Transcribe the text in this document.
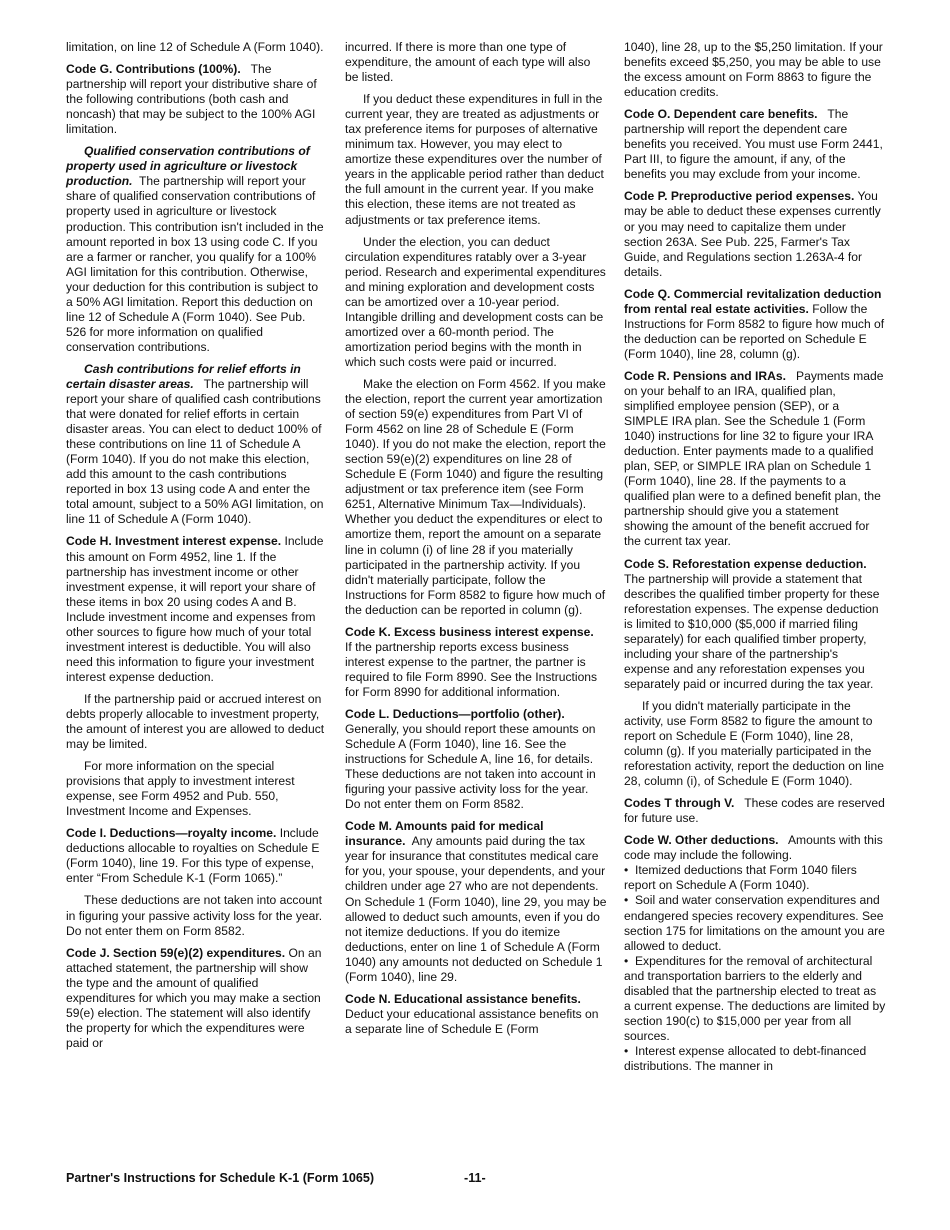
limitation, on line 12 of Schedule A (Form 1040).

Code G. Contributions (100%). The partnership will report your distributive share of the following contributions (both cash and noncash) that may be subject to the 100% AGI limitation.

Qualified conservation contributions of property used in agriculture or livestock production. The partnership will report your share of qualified conservation contributions of property used in agriculture or livestock production. This contribution isn't included in the amount reported in box 13 using code C. If you are a farmer or rancher, you qualify for a 100% AGI limitation for this contribution. Otherwise, your deduction for this contribution is subject to a 50% AGI limitation. Report this deduction on line 12 of Schedule A (Form 1040). See Pub. 526 for more information on qualified conservation contributions.

Cash contributions for relief efforts in certain disaster areas. The partnership will report your share of qualified cash contributions that were donated for relief efforts in certain disaster areas. You can elect to deduct 100% of these contributions on line 11 of Schedule A (Form 1040). If you do not make this election, add this amount to the cash contributions reported in box 13 using code A and enter the total amount, subject to a 50% AGI limitation, on line 11 of Schedule A (Form 1040).

Code H. Investment interest expense. Include this amount on Form 4952, line 1. If the partnership has investment income or other investment expense, it will report your share of these items in box 20 using codes A and B. Include investment income and expenses from other sources to figure how much of your total investment interest is deductible. You will also need this information to figure your investment interest expense deduction.

If the partnership paid or accrued interest on debts properly allocable to investment property, the amount of interest you are allowed to deduct may be limited.

For more information on the special provisions that apply to investment interest expense, see Form 4952 and Pub. 550, Investment Income and Expenses.

Code I. Deductions—royalty income. Include deductions allocable to royalties on Schedule E (Form 1040), line 19. For this type of expense, enter “From Schedule K-1 (Form 1065).”

These deductions are not taken into account in figuring your passive activity loss for the year. Do not enter them on Form 8582.

Code J. Section 59(e)(2) expenditures. On an attached statement, the partnership will show the type and the amount of qualified expenditures for which you may make a section 59(e) election. The statement will also identify the property for which the expenditures were paid or

incurred. If there is more than one type of expenditure, the amount of each type will also be listed.

If you deduct these expenditures in full in the current year, they are treated as adjustments or tax preference items for purposes of alternative minimum tax. However, you may elect to amortize these expenditures over the number of years in the applicable period rather than deduct the full amount in the current year. If you make this election, these items are not treated as adjustments or tax preference items.

Under the election, you can deduct circulation expenditures ratably over a 3-year period. Research and experimental expenditures and mining exploration and development costs can be amortized over a 10-year period. Intangible drilling and development costs can be amortized over a 60-month period. The amortization period begins with the month in which such costs were paid or incurred.

Make the election on Form 4562. If you make the election, report the current year amortization of section 59(e) expenditures from Part VI of Form 4562 on line 28 of Schedule E (Form 1040). If you do not make the election, report the section 59(e)(2) expenditures on line 28 of Schedule E (Form 1040) and figure the resulting adjustment or tax preference item (see Form 6251, Alternative Minimum Tax—Individuals). Whether you deduct the expenditures or elect to amortize them, report the amount on a separate line in column (i) of line 28 if you materially participated in the partnership activity. If you didn't materially participate, follow the Instructions for Form 8582 to figure how much of the deduction can be reported in column (g).

Code K. Excess business interest expense.  If the partnership reports excess business interest expense to the partner, the partner is required to file Form 8990. See the Instructions for Form 8990 for additional information.

Code L. Deductions—portfolio (other). Generally, you should report these amounts on Schedule A (Form 1040), line 16. See the instructions for Schedule A, line 16, for details. These deductions are not taken into account in figuring your passive activity loss for the year. Do not enter them on Form 8582.

Code M. Amounts paid for medical insurance. Any amounts paid during the tax year for insurance that constitutes medical care for you, your spouse, your dependents, and your children under age 27 who are not dependents. On Schedule 1 (Form 1040), line 29, you may be allowed to deduct such amounts, even if you do not itemize deductions. If you do itemize deductions, enter on line 1 of Schedule A (Form 1040) any amounts not deducted on Schedule 1 (Form 1040), line 29.

Code N. Educational assistance benefits. Deduct your educational assistance benefits on a separate line of Schedule E (Form

1040), line 28, up to the $5,250 limitation. If your benefits exceed $5,250, you may be able to use the excess amount on Form 8863 to figure the education credits.

Code O. Dependent care benefits. The partnership will report the dependent care benefits you received. You must use Form 2441, Part III, to figure the amount, if any, of the benefits you may exclude from your income.

Code P. Preproductive period expenses. You may be able to deduct these expenses currently or you may need to capitalize them under section 263A. See Pub. 225, Farmer's Tax Guide, and Regulations section 1.263A-4 for details.

Code Q. Commercial revitalization deduction from rental real estate activities. Follow the Instructions for Form 8582 to figure how much of the deduction can be reported on Schedule E (Form 1040), line 28, column (g).

Code R. Pensions and IRAs. Payments made on your behalf to an IRA, qualified plan, simplified employee pension (SEP), or a SIMPLE IRA plan. See the Schedule 1 (Form 1040) instructions for line 32 to figure your IRA deduction. Enter payments made to a qualified plan, SEP, or SIMPLE IRA plan on Schedule 1 (Form 1040), line 28. If the payments to a qualified plan were to a defined benefit plan, the partnership should give you a statement showing the amount of the benefit accrued for the current tax year.

Code S. Reforestation expense deduction.   The partnership will provide a statement that describes the qualified timber property for these reforestation expenses. The expense deduction is limited to $10,000 ($5,000 if married filing separately) for each qualified timber property, including your share of the partnership's expense and any reforestation expenses you separately paid or incurred during the tax year.

If you didn't materially participate in the activity, use Form 8582 to figure the amount to report on Schedule E (Form 1040), line 28, column (g). If you materially participated in the reforestation activity, report the deduction on line 28, column (i), of Schedule E (Form 1040).

Codes T through V. These codes are reserved for future use.

Code W. Other deductions. Amounts with this code may include the following.

• Itemized deductions that Form 1040 filers report on Schedule A (Form 1040).

• Soil and water conservation expenditures and endangered species recovery expenditures. See section 175 for limitations on the amount you are allowed to deduct.

• Expenditures for the removal of architectural and transportation barriers to the elderly and disabled that the partnership elected to treat as a current expense. The deductions are limited by section 190(c) to $15,000 per year from all sources.

• Interest expense allocated to debt-financed distributions. The manner in

Partner's Instructions for Schedule K-1 (Form 1065)	-11-
